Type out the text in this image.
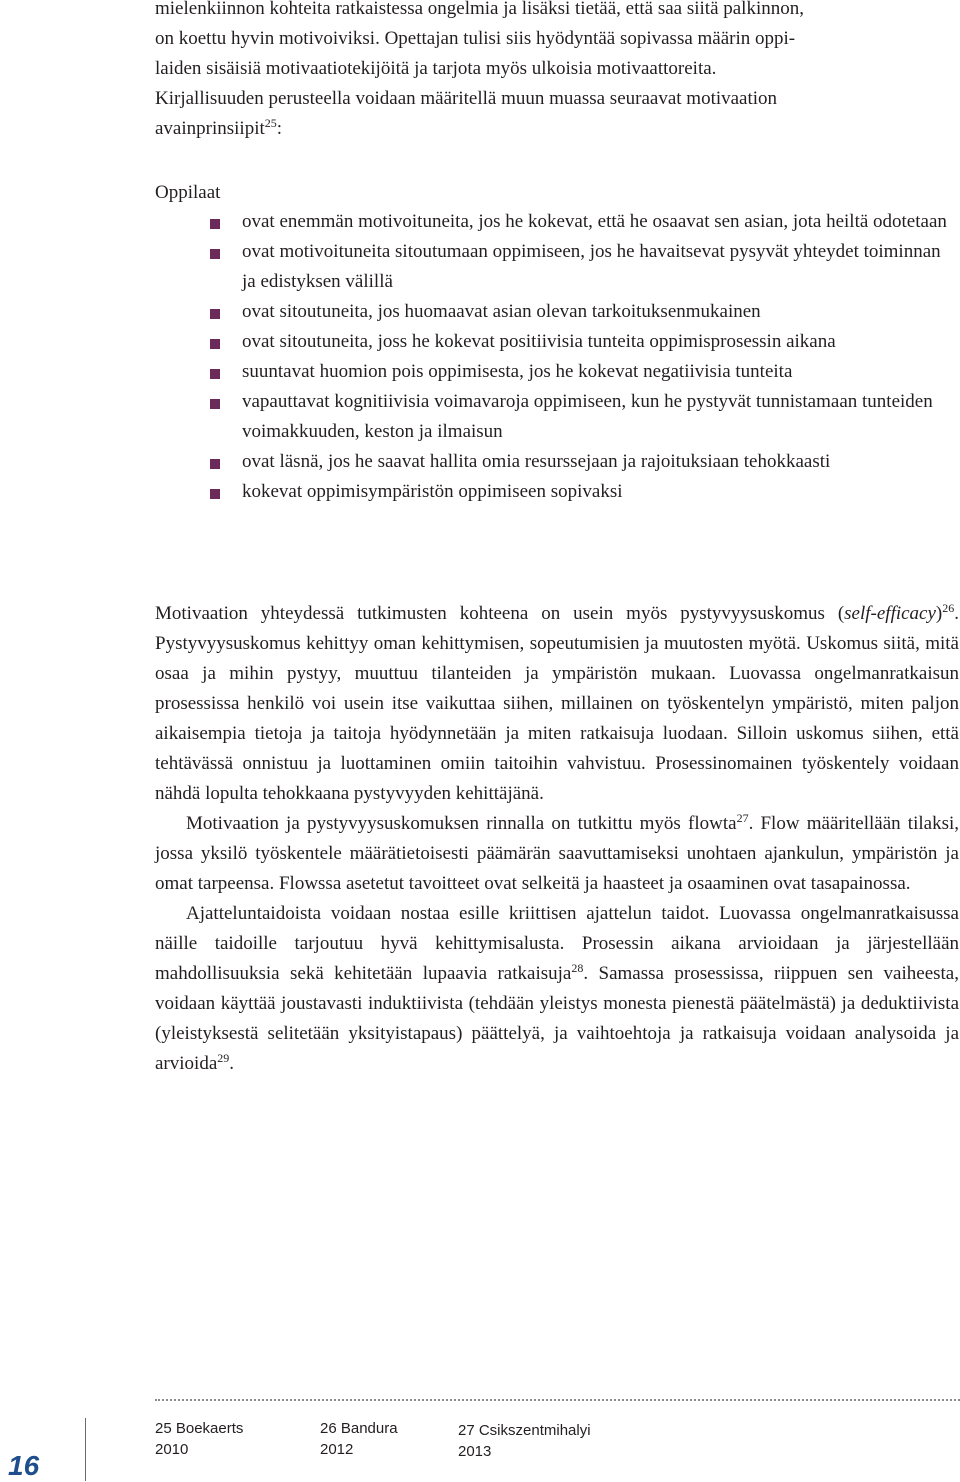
mielenkiinnon kohteita ratkaistessa ongelmia ja lisäksi tietää, että saa siitä palkinnon,
on koettu hyvin motivoiviksi. Opettajan tulisi siis hyödyntää sopivassa määrin oppi-
laiden sisäisiä motivaatiotekijöitä ja tarjota myös ulkoisia motivaattoreita.
Kirjallisuuden perusteella voidaan määritellä muun muassa seuraavat motivaation
avainprinsiipit$^{25}$:
Oppilaat
ovat enemmän motivoituneita, jos he kokevat, että he osaavat sen asian, jota heiltä odotetaan
ovat motivoituneita sitoutumaan oppimiseen, jos he havaitsevat pysyvät yhteydet toiminnan ja edistyksen välillä
ovat sitoutuneita, jos huomaavat asian olevan tarkoituksenmukainen
ovat sitoutuneita, joss he kokevat positiivisia tunteita oppimisprosessin aikana
suuntavat huomion pois oppimisesta, jos he kokevat negatiivisia tunteita
vapauttavat kognitiivisia voimavaroja oppimiseen, kun he pystyvät tunnistamaan tunteiden voimakkuuden, keston ja ilmaisun
ovat läsnä, jos he saavat hallita omia resurssejaan ja rajoituksiaan tehokkaasti
kokevat oppimisympäristön oppimiseen sopivaksi

Motivaation yhteydessä tutkimusten kohteena on usein myös pystyvyysuskomus (self-efficacy)$^{26}$. Pystyvyysuskomus kehittyy oman kehittymisen, sopeutumisien ja muutosten myötä. Uskomus siitä, mitä osaa ja mihin pystyy, muuttuu tilanteiden ja ympäristön mukaan. Luovassa ongelmanratkaisun prosessissa henkilö voi usein itse vaikuttaa siihen, millainen on työskentelyn ympäristö, miten paljon aikaisempia tietoja ja taitoja hyödynnetään ja miten ratkaisuja luodaan. Silloin uskomus siihen, että tehtävässä onnistuu ja luottaminen omiin taitoihin vahvistuu. Prosessinomainen työskentely voidaan nähdä lopulta tehokkaana pystyvyyden kehittäjänä.

Motivaation ja pystyvyysuskomuksen rinnalla on tutkittu myös flowta$^{27}$. Flow määritellään tilaksi, jossa yksilö työskentele määrätietoisesti päämärän saavuttamiseksi unohtaen ajankulun, ympäristön ja omat tarpeensa. Flowssa asetetut tavoitteet ovat selkeitä ja haasteet ja osaaminen ovat tasapainossa.

Ajatteluntaidoista voidaan nostaa esille kriittisen ajattelun taidot. Luovassa ongelmanratkaisussa näille taidoille tarjoutuu hyvä kehittymisalusta. Prosessin aikana arvioidaan ja järjestellään mahdollisuuksia sekä kehitetään lupaavia ratkaisuja$^{28}$. Samassa prosessissa, riippuen sen vaiheesta, voidaan käyttää joustavasti induktiivista (tehdään yleistys monesta pienestä päätelmästä) ja deduktiivista (yleistyksestä selitetään yksityistapaus) päättelyä, ja vaihtoehtoja ja ratkaisuja voidaan analysoida ja arvioida$^{29}$.

25 Boekaerts
2010
26 Bandura
2012
27 Csikszentmihalyi
2013
16
